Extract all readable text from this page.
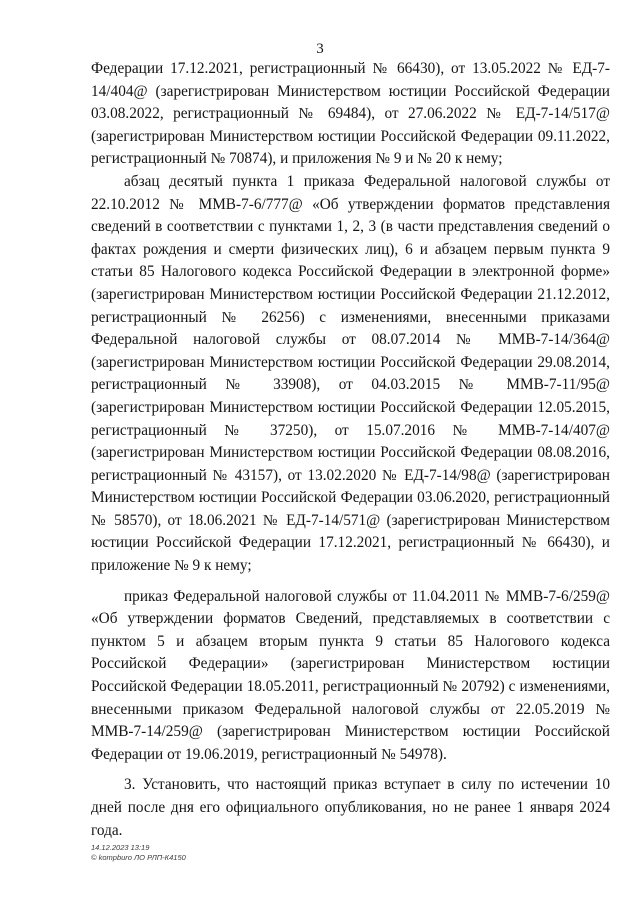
3

Федерации 17.12.2021, регистрационный № 66430), от 13.05.2022 № ЕД-7-14/404@ (зарегистрирован Министерством юстиции Российской Федерации 03.08.2022, регистрационный № 69484), от 27.06.2022 № ЕД-7-14/517@ (зарегистрирован Министерством юстиции Российской Федерации 09.11.2022, регистрационный № 70874), и приложения № 9 и № 20 к нему;

абзац десятый пункта 1 приказа Федеральной налоговой службы от 22.10.2012 № ММВ-7-6/777@ «Об утверждении форматов представления сведений в соответствии с пунктами 1, 2, 3 (в части представления сведений о фактах рождения и смерти физических лиц), 6 и абзацем первым пункта 9 статьи 85 Налогового кодекса Российской Федерации в электронной форме» (зарегистрирован Министерством юстиции Российской Федерации 21.12.2012, регистрационный № 26256) с изменениями, внесенными приказами Федеральной налоговой службы от 08.07.2014 № ММВ-7-14/364@ (зарегистрирован Министерством юстиции Российской Федерации 29.08.2014, регистрационный № 33908), от 04.03.2015 № ММВ-7-11/95@ (зарегистрирован Министерством юстиции Российской Федерации 12.05.2015, регистрационный № 37250), от 15.07.2016 № ММВ-7-14/407@ (зарегистрирован Министерством юстиции Российской Федерации 08.08.2016, регистрационный № 43157), от 13.02.2020 № ЕД-7-14/98@ (зарегистрирован Министерством юстиции Российской Федерации 03.06.2020, регистрационный № 58570), от 18.06.2021 № ЕД-7-14/571@ (зарегистрирован Министерством юстиции Российской Федерации 17.12.2021, регистрационный № 66430), и приложение № 9 к нему;

приказ Федеральной налоговой службы от 11.04.2011 № ММВ-7-6/259@ «Об утверждении форматов Сведений, представляемых в соответствии с пунктом 5 и абзацем вторым пункта 9 статьи 85 Налогового кодекса Российской Федерации» (зарегистрирован Министерством юстиции Российской Федерации 18.05.2011, регистрационный № 20792) с изменениями, внесенными приказом Федеральной налоговой службы от 22.05.2019 № ММВ-7-14/259@ (зарегистрирован Министерством юстиции Российской Федерации от 19.06.2019, регистрационный № 54978).

3. Установить, что настоящий приказ вступает в силу по истечении 10 дней после дня его официального опубликования, но не ранее 1 января 2024 года.

14.12.2023 13:19
© kompburo ЛО РЛП-К4150
